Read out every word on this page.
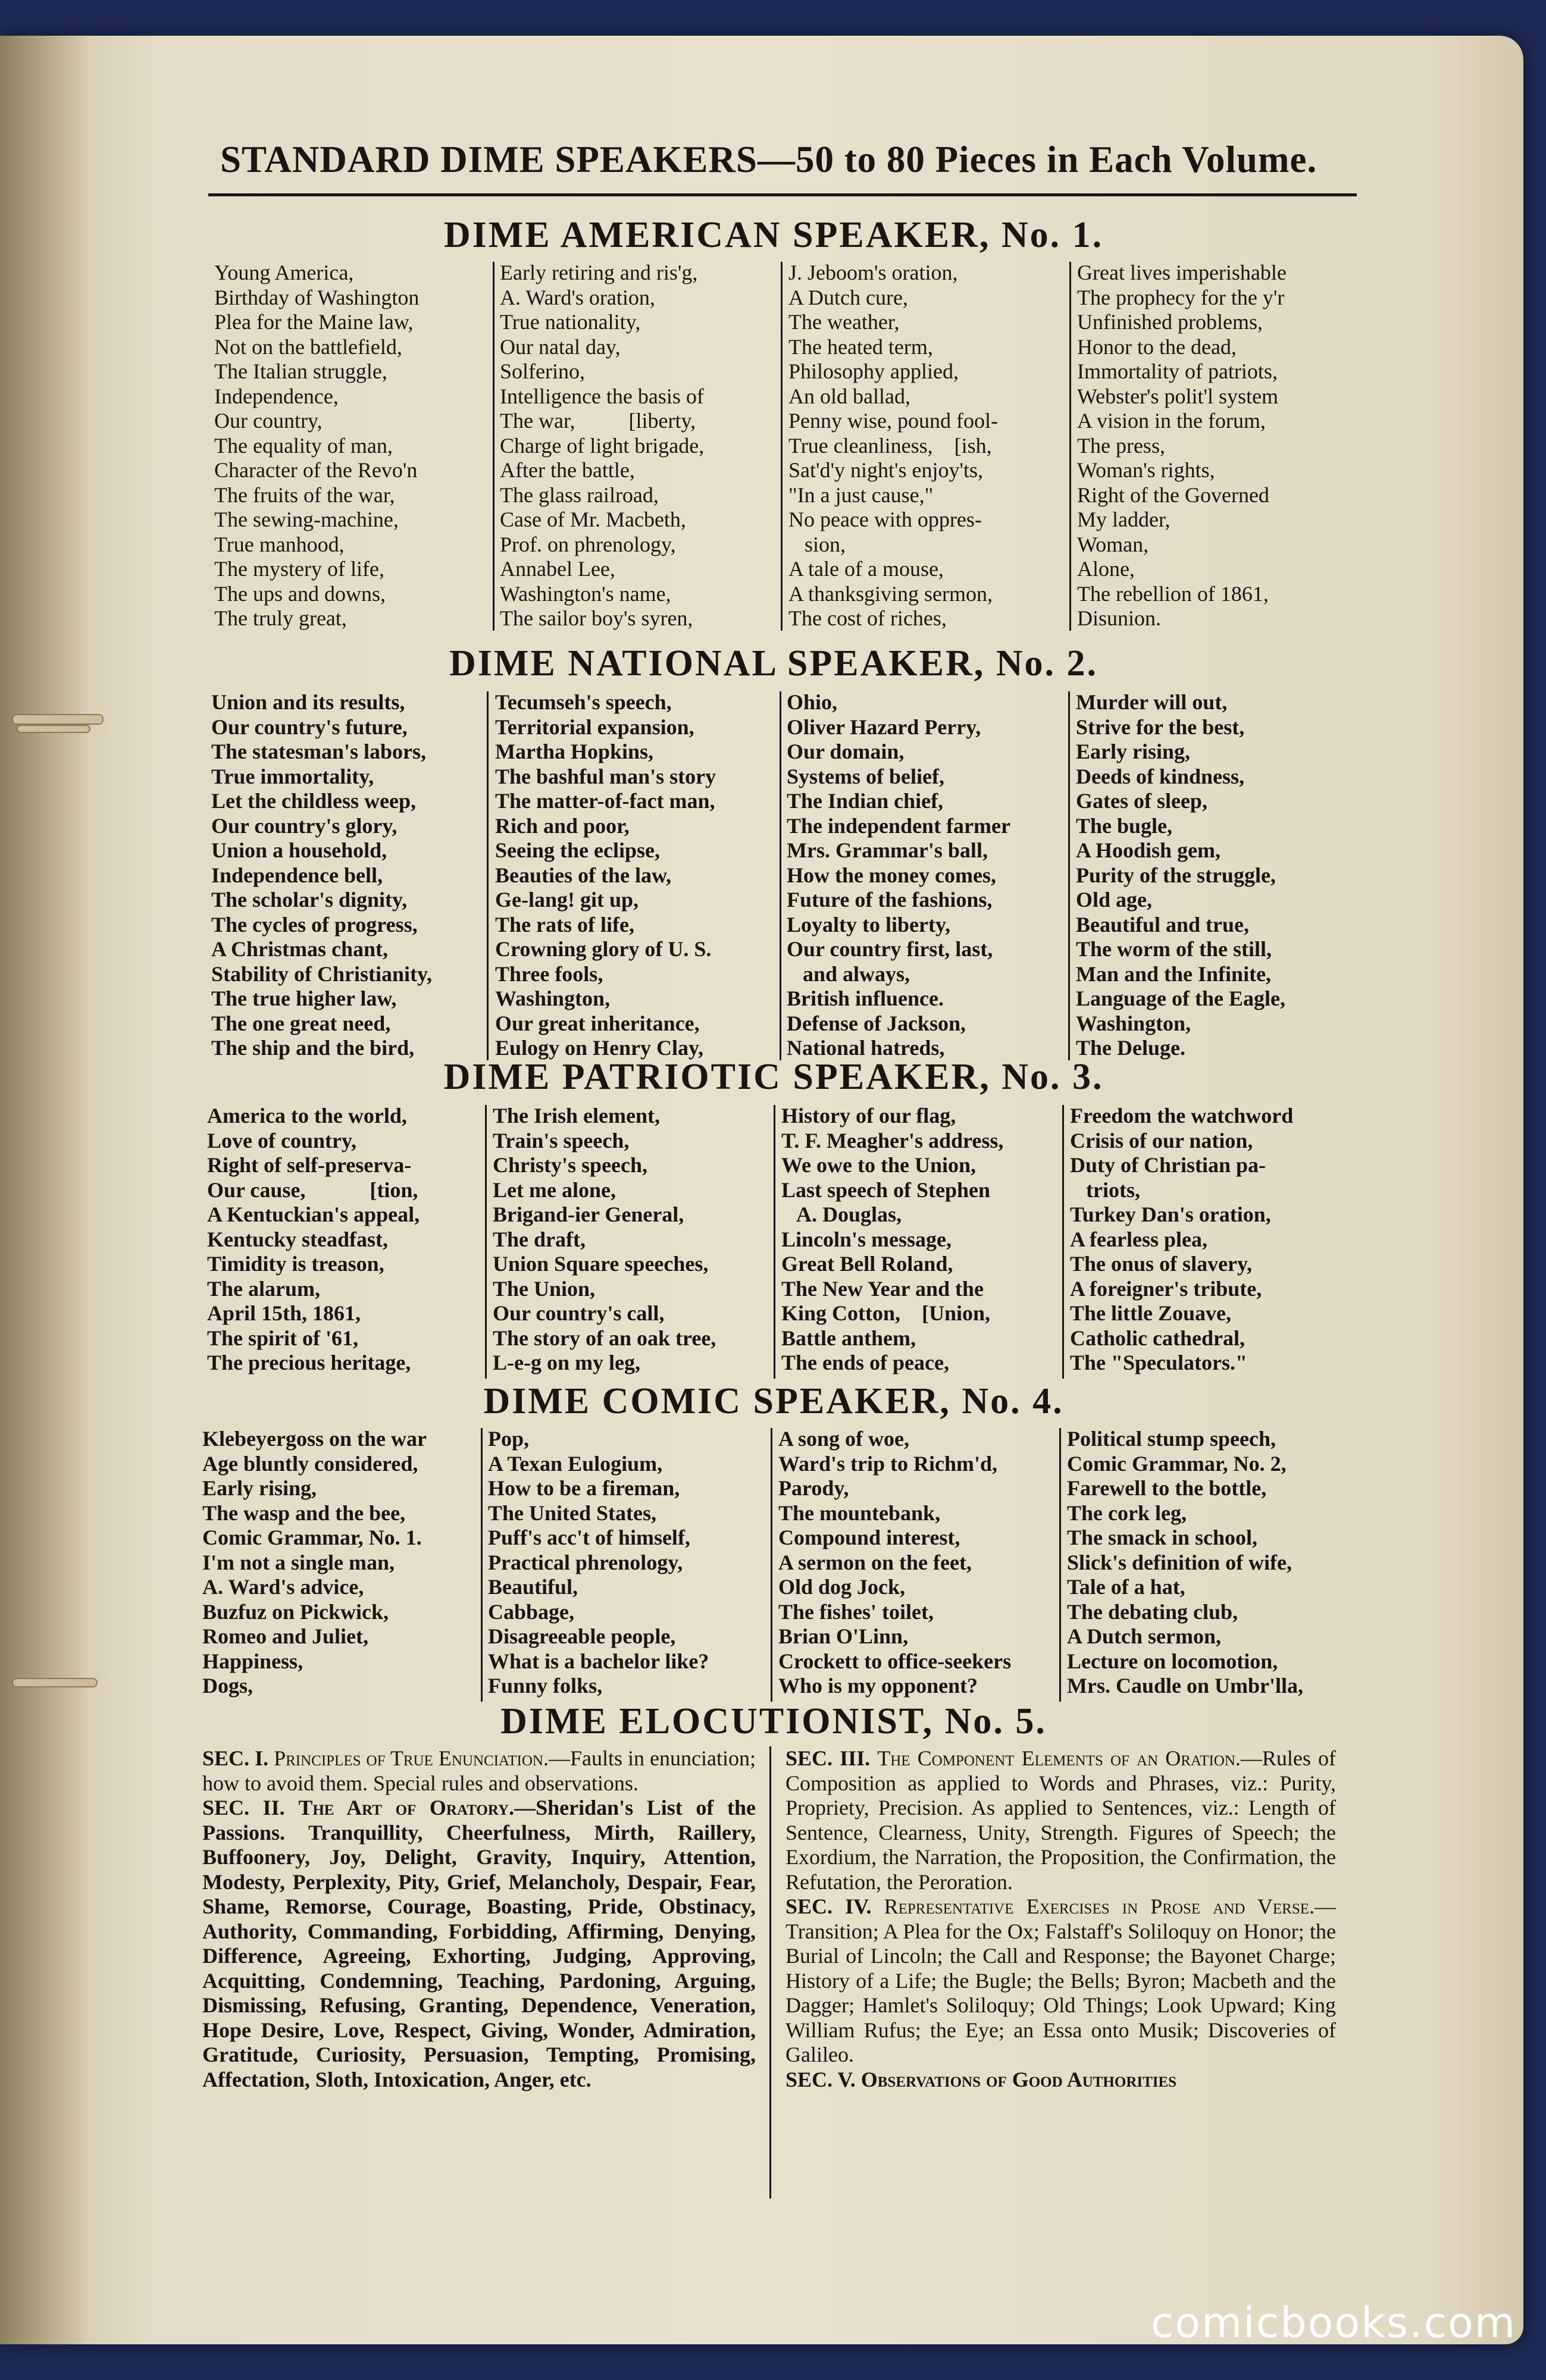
STANDARD DIME SPEAKERS—50 to 80 Pieces in Each Volume.
DIME AMERICAN SPEAKER, No. 1.
Young America,
Birthday of Washington
Plea for the Maine law,
Not on the battlefield,
The Italian struggle,
Independence,
Our country,
The equality of man,
Character of the Revo'n
The fruits of the war,
The sewing-machine,
True manhood,
The mystery of life,
The ups and downs,
The truly great,
Early retiring and ris'g,
A. Ward's oration,
True nationality,
Our natal day,
Solferino,
Intelligence the basis of
The war,          [liberty,
Charge of light brigade,
After the battle,
The glass railroad,
Case of Mr. Macbeth,
Prof. on phrenology,
Annabel Lee,
Washington's name,
The sailor boy's syren,
J. Jeboom's oration,
A Dutch cure,
The weather,
The heated term,
Philosophy applied,
An old ballad,
Penny wise, pound fool-
True cleanliness,    [ish,
Sat'd'y night's enjoy'ts,
"In a just cause,"
No peace with oppres-
sion,
A tale of a mouse,
A thanksgiving sermon,
The cost of riches,
Great lives imperishable
The prophecy for the y'r
Unfinished problems,
Honor to the dead,
Immortality of patriots,
Webster's polit'l system
A vision in the forum,
The press,
Woman's rights,
Right of the Governed
My ladder,
Woman,
Alone,
The rebellion of 1861,
Disunion.
DIME NATIONAL SPEAKER, No. 2.
Union and its results,
Our country's future,
The statesman's labors,
True immortality,
Let the childless weep,
Our country's glory,
Union a household,
Independence bell,
The scholar's dignity,
The cycles of progress,
A Christmas chant,
Stability of Christianity,
The true higher law,
The one great need,
The ship and the bird,
Tecumseh's speech,
Territorial expansion,
Martha Hopkins,
The bashful man's story
The matter-of-fact man,
Rich and poor,
Seeing the eclipse,
Beauties of the law,
Ge-lang! git up,
The rats of life,
Crowning glory of U. S.
Three fools,
Washington,
Our great inheritance,
Eulogy on Henry Clay,
Ohio,
Oliver Hazard Perry,
Our domain,
Systems of belief,
The Indian chief,
The independent farmer
Mrs. Grammar's ball,
How the money comes,
Future of the fashions,
Loyalty to liberty,
Our country first, last,
and always,
British influence.
Defense of Jackson,
National hatreds,
Murder will out,
Strive for the best,
Early rising,
Deeds of kindness,
Gates of sleep,
The bugle,
A Hoodish gem,
Purity of the struggle,
Old age,
Beautiful and true,
The worm of the still,
Man and the Infinite,
Language of the Eagle,
Washington,
The Deluge.
DIME PATRIOTIC SPEAKER, No. 3.
America to the world,
Love of country,
Right of self-preserva-
Our cause,            [tion,
A Kentuckian's appeal,
Kentucky steadfast,
Timidity is treason,
The alarum,
April 15th, 1861,
The spirit of '61,
The precious heritage,
The Irish element,
Train's speech,
Christy's speech,
Let me alone,
Brigand-ier General,
The draft,
Union Square speeches,
The Union,
Our country's call,
The story of an oak tree,
L-e-g on my leg,
History of our flag,
T. F. Meagher's address,
We owe to the Union,
Last speech of Stephen
A. Douglas,
Lincoln's message,
Great Bell Roland,
The New Year and the
King Cotton,    [Union,
Battle anthem,
The ends of peace,
Freedom the watchword
Crisis of our nation,
Duty of Christian pa-
triots,
Turkey Dan's oration,
A fearless plea,
The onus of slavery,
A foreigner's tribute,
The little Zouave,
Catholic cathedral,
The "Speculators."
DIME COMIC SPEAKER, No. 4.
Klebeyergoss on the war
Age bluntly considered,
Early rising,
The wasp and the bee,
Comic Grammar, No. 1.
I'm not a single man,
A. Ward's advice,
Buzfuz on Pickwick,
Romeo and Juliet,
Happiness,
Dogs,
Pop,
A Texan Eulogium,
How to be a fireman,
The United States,
Puff's acc't of himself,
Practical phrenology,
Beautiful,
Cabbage,
Disagreeable people,
What is a bachelor like?
Funny folks,
A song of woe,
Ward's trip to Richm'd,
Parody,
The mountebank,
Compound interest,
A sermon on the feet,
Old dog Jock,
The fishes' toilet,
Brian O'Linn,
Crockett to office-seekers
Who is my opponent?
Political stump speech,
Comic Grammar, No. 2,
Farewell to the bottle,
The cork leg,
The smack in school,
Slick's definition of wife,
Tale of a hat,
The debating club,
A Dutch sermon,
Lecture on locomotion,
Mrs. Caudle on Umbr'lla,
DIME ELOCUTIONIST, No. 5.

SEC. I. Principles of True Enunciation.—Faults in enunciation; how to avoid them. Special rules and observations.

SEC. II. The Art of Oratory.—Sheridan's List of the Passions. Tranquillity, Cheerfulness, Mirth, Raillery, Buffoonery, Joy, Delight, Gravity, Inquiry, Attention, Modesty, Perplexity, Pity, Grief, Melancholy, Despair, Fear, Shame, Remorse, Courage, Boasting, Pride, Obstinacy, Authority, Commanding, Forbidding, Affirming, Denying, Difference, Agreeing, Exhorting, Judging, Approving, Acquitting, Condemning, Teaching, Pardoning, Arguing, Dismissing, Refusing, Granting, Dependence, Veneration, Hope Desire, Love, Respect, Giving, Wonder, Admiration, Gratitude, Curiosity, Persuasion, Tempting, Promising, Affectation, Sloth, Intoxication, Anger, etc.

SEC. III. The Component Elements of an Oration.—Rules of Composition as applied to Words and Phrases, viz.: Purity, Propriety, Precision. As applied to Sentences, viz.: Length of Sentence, Clearness, Unity, Strength. Figures of Speech; the Exordium, the Narration, the Proposition, the Confirmation, the Refutation, the Peroration.

SEC. IV. Representative Exercises in Prose and Verse.—Transition; A Plea for the Ox; Falstaff's Soliloquy on Honor; the Burial of Lincoln; the Call and Response; the Bayonet Charge; History of a Life; the Bugle; the Bells; Byron; Macbeth and the Dagger; Hamlet's Soliloquy; Old Things; Look Upward; King William Rufus; the Eye; an Essa onto Musik; Discoveries of Galileo.

SEC. V. Observations of Good Authorities

comicbooks.com
